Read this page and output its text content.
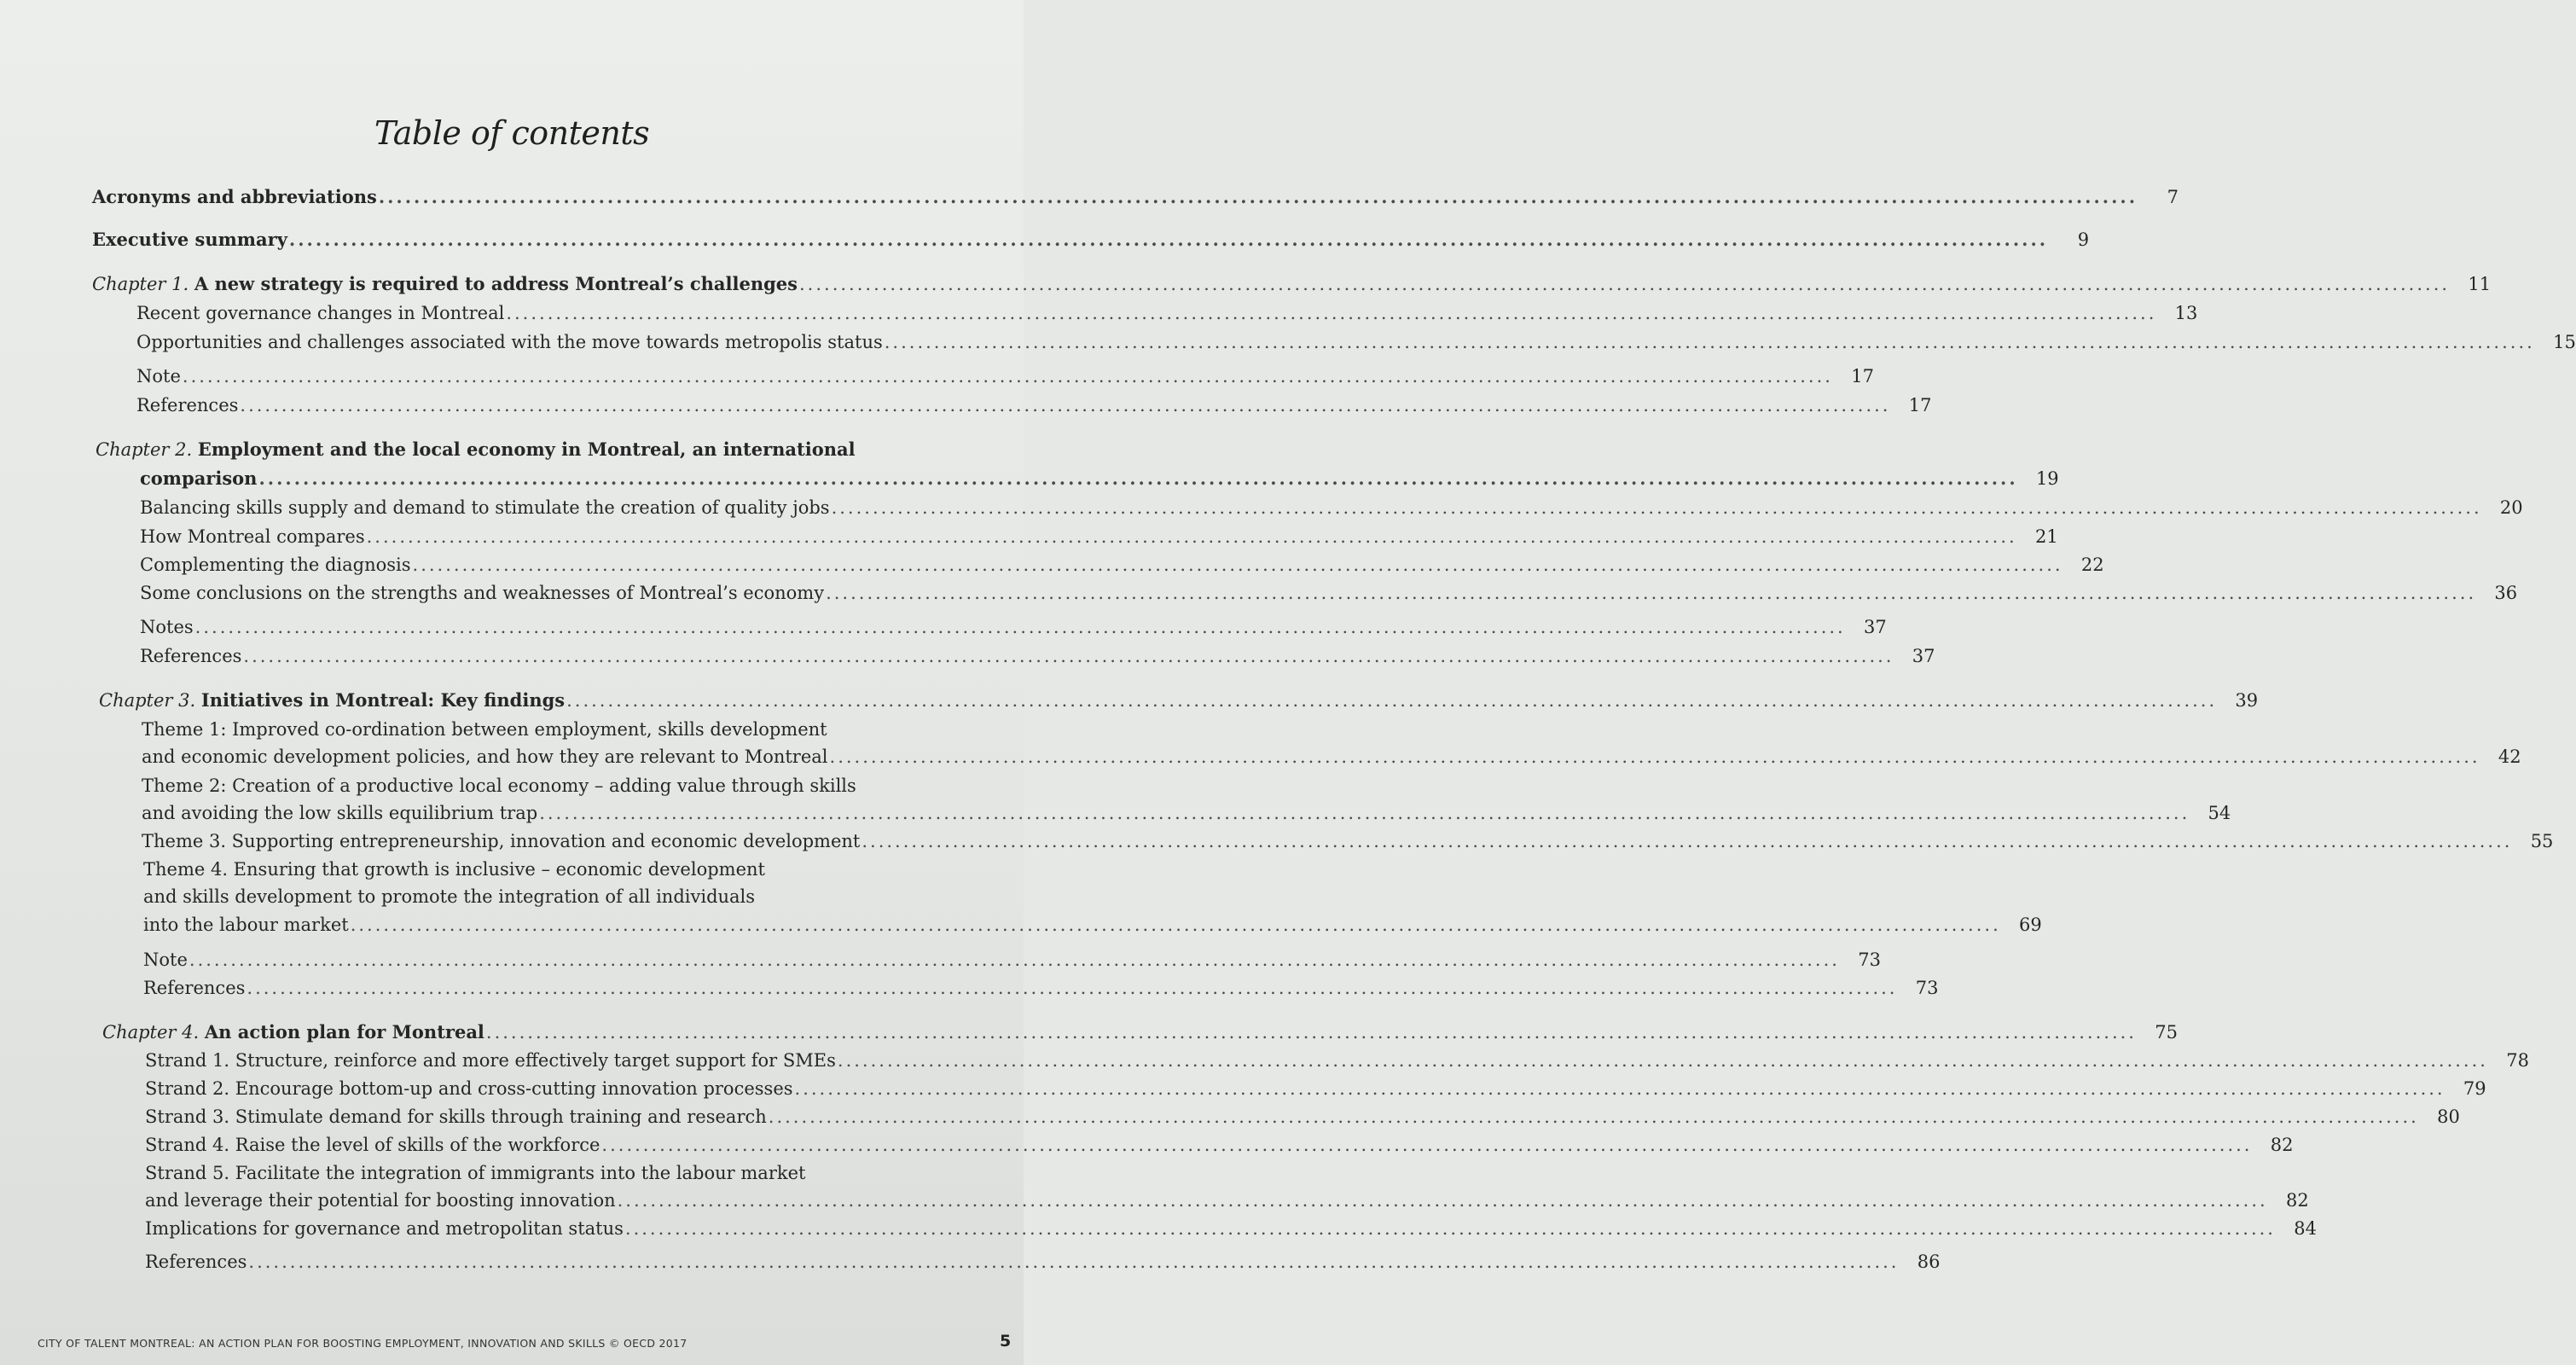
Table of contents
Acronyms and abbreviations ........................................................................................................................................................................................................	7
Executive summary ........................................................................................................................................................................................................	9
Chapter 1. A new strategy is required to address Montreal’s challenges ........................................................................................................................................................................................................	11
Recent governance changes in Montreal ........................................................................................................................................................................................................	13
Opportunities and challenges associated with the move towards metropolis status ........................................................................................................................................................................................................	15
Note ........................................................................................................................................................................................................	17
References ........................................................................................................................................................................................................	17
Chapter 2. Employment and the local economy in Montreal, an international
comparison ........................................................................................................................................................................................................	19
Balancing skills supply and demand to stimulate the creation of quality jobs ........................................................................................................................................................................................................	20
How Montreal compares ........................................................................................................................................................................................................	21
Complementing the diagnosis ........................................................................................................................................................................................................	22
Some conclusions on the strengths and weaknesses of Montreal’s economy ........................................................................................................................................................................................................	36
Notes ........................................................................................................................................................................................................	37
References ........................................................................................................................................................................................................	37
Chapter 3. Initiatives in Montreal: Key findings ........................................................................................................................................................................................................	39
Theme 1: Improved co-ordination between employment, skills development
and economic development policies, and how they are relevant to Montreal ........................................................................................................................................................................................................	42
Theme 2: Creation of a productive local economy – adding value through skills
and avoiding the low skills equilibrium trap ........................................................................................................................................................................................................	54
Theme 3. Supporting entrepreneurship, innovation and economic development ........................................................................................................................................................................................................	55
Theme 4. Ensuring that growth is inclusive – economic development
and skills development to promote the integration of all individuals
into the labour market ........................................................................................................................................................................................................	69
Note ........................................................................................................................................................................................................	73
References ........................................................................................................................................................................................................	73
Chapter 4. An action plan for Montreal ........................................................................................................................................................................................................	75
Strand 1. Structure, reinforce and more effectively target support for SMEs ........................................................................................................................................................................................................	78
Strand 2. Encourage bottom-up and cross-cutting innovation processes ........................................................................................................................................................................................................	79
Strand 3. Stimulate demand for skills through training and research ........................................................................................................................................................................................................	80
Strand 4. Raise the level of skills of the workforce ........................................................................................................................................................................................................	82
Strand 5. Facilitate the integration of immigrants into the labour market
and leverage their potential for boosting innovation ........................................................................................................................................................................................................	82
Implications for governance and metropolitan status ........................................................................................................................................................................................................	84
References ........................................................................................................................................................................................................	86
CITY OF TALENT MONTREAL: AN ACTION PLAN FOR BOOSTING EMPLOYMENT, INNOVATION AND SKILLS © OECD 2017	5
